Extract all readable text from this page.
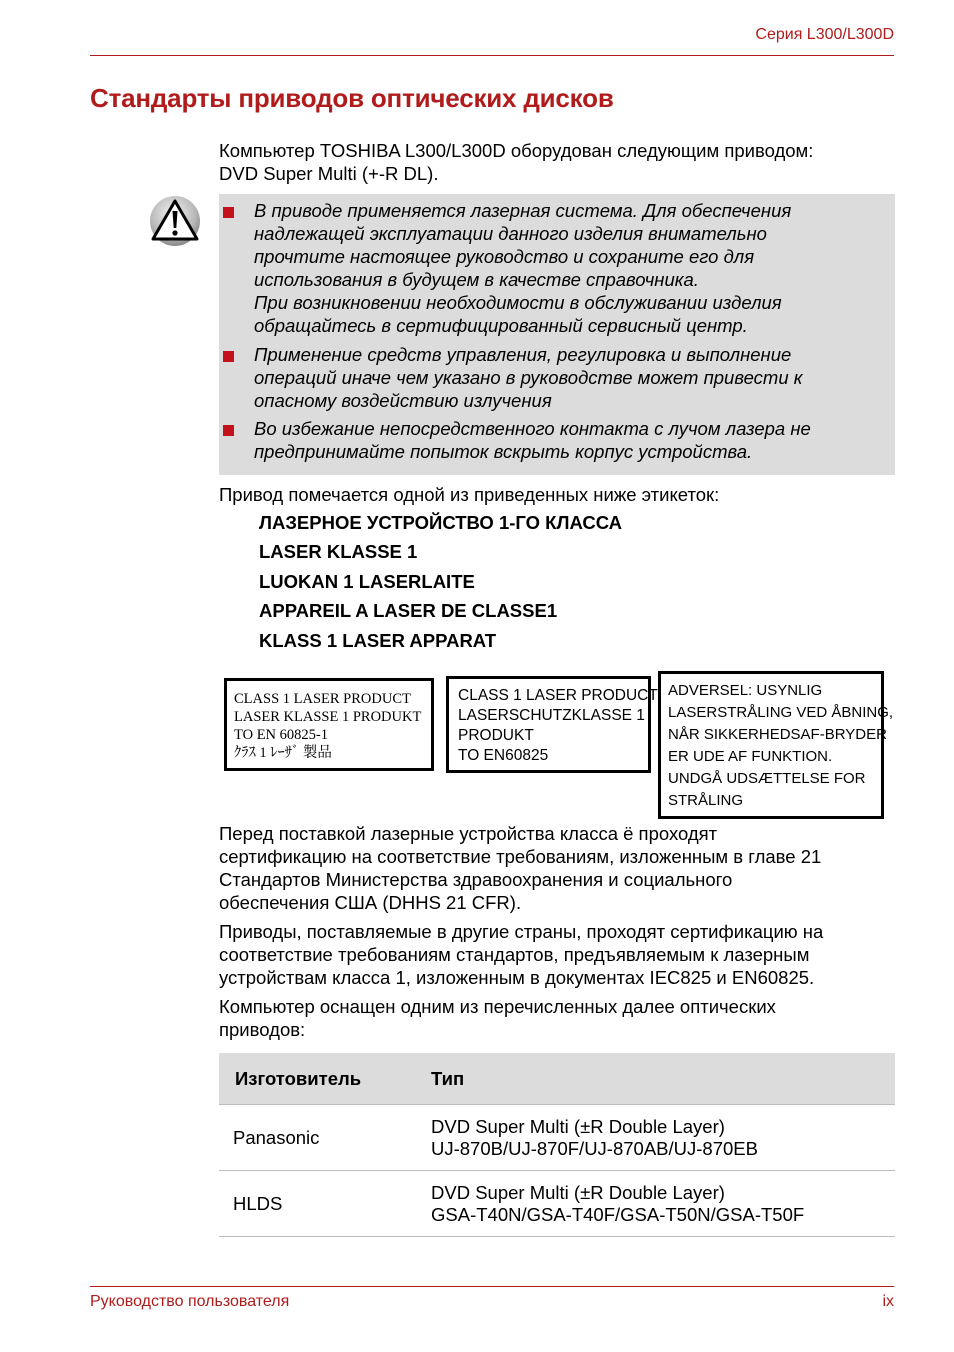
Серия L300/L300D
Стандарты приводов оптических дисков
Компьютер TOSHIBA L300/L300D оборудован следующим приводом:
DVD Super Multi (+-R DL).
В приводе применяется лазерная система. Для обеспечения
надлежащей эксплуатации данного изделия внимательно
прочтите настоящее руководство и сохраните его для
использования в будущем в качестве справочника.
При возникновении необходимости в обслуживании изделия
обращайтесь в сертифицированный сервисный центр.
Применение средств управления, регулировка и выполнение
операций иначе чем указано в руководстве может привести к
опасному воздействию излучения
Во избежание непосредственного контакта с лучом лазера не
предпринимайте попыток вскрыть корпус устройства.
Привод помечается одной из приведенных ниже этикеток:
ЛАЗЕРНОЕ УСТРОЙСТВО 1-ГО КЛАССА
LASER KLASSE 1
LUOKAN 1 LASERLAITE
APPAREIL A LASER DE CLASSE1
KLASS 1 LASER APPARAT
CLASS 1 LASER PRODUCT
LASER KLASSE 1 PRODUKT
TO EN 60825-1
ｸﾗｽ 1 ﾚｰｻﾞ 製品
CLASS 1 LASER PRODUCT
LASERSCHUTZKLASSE 1
PRODUKT
TO EN60825
ADVERSEL: USYNLIG
LASERSTRÅLING VED ÅBNING,
NÅR SIKKERHEDSAF-BRYDER
ER UDE AF FUNKTION.
UNDGÅ UDSÆTTELSE FOR
STRÅLING
Перед поставкой лазерные устройства класса ё проходят
сертификацию на соответствие требованиям, изложенным в главе 21
Стандартов Министерства здравоохранения и социального
обеспечения США (DHHS 21 CFR).
Приводы, поставляемые в другие страны, проходят сертификацию на
соответствие требованиям стандартов, предъявляемым к лазерным
устройствам класса 1, изложенным в документах IEC825 и EN60825.
Компьютер оснащен одним из перечисленных далее оптических
приводов:
Изготовитель	Тип
Panasonic	DVD Super Multi (±R Double Layer)
UJ-870B/UJ-870F/UJ-870AB/UJ-870EB

HLDS	DVD Super Multi (±R Double Layer)
GSA-T40N/GSA-T40F/GSA-T50N/GSA-T50F
Руководство пользователя	ix
